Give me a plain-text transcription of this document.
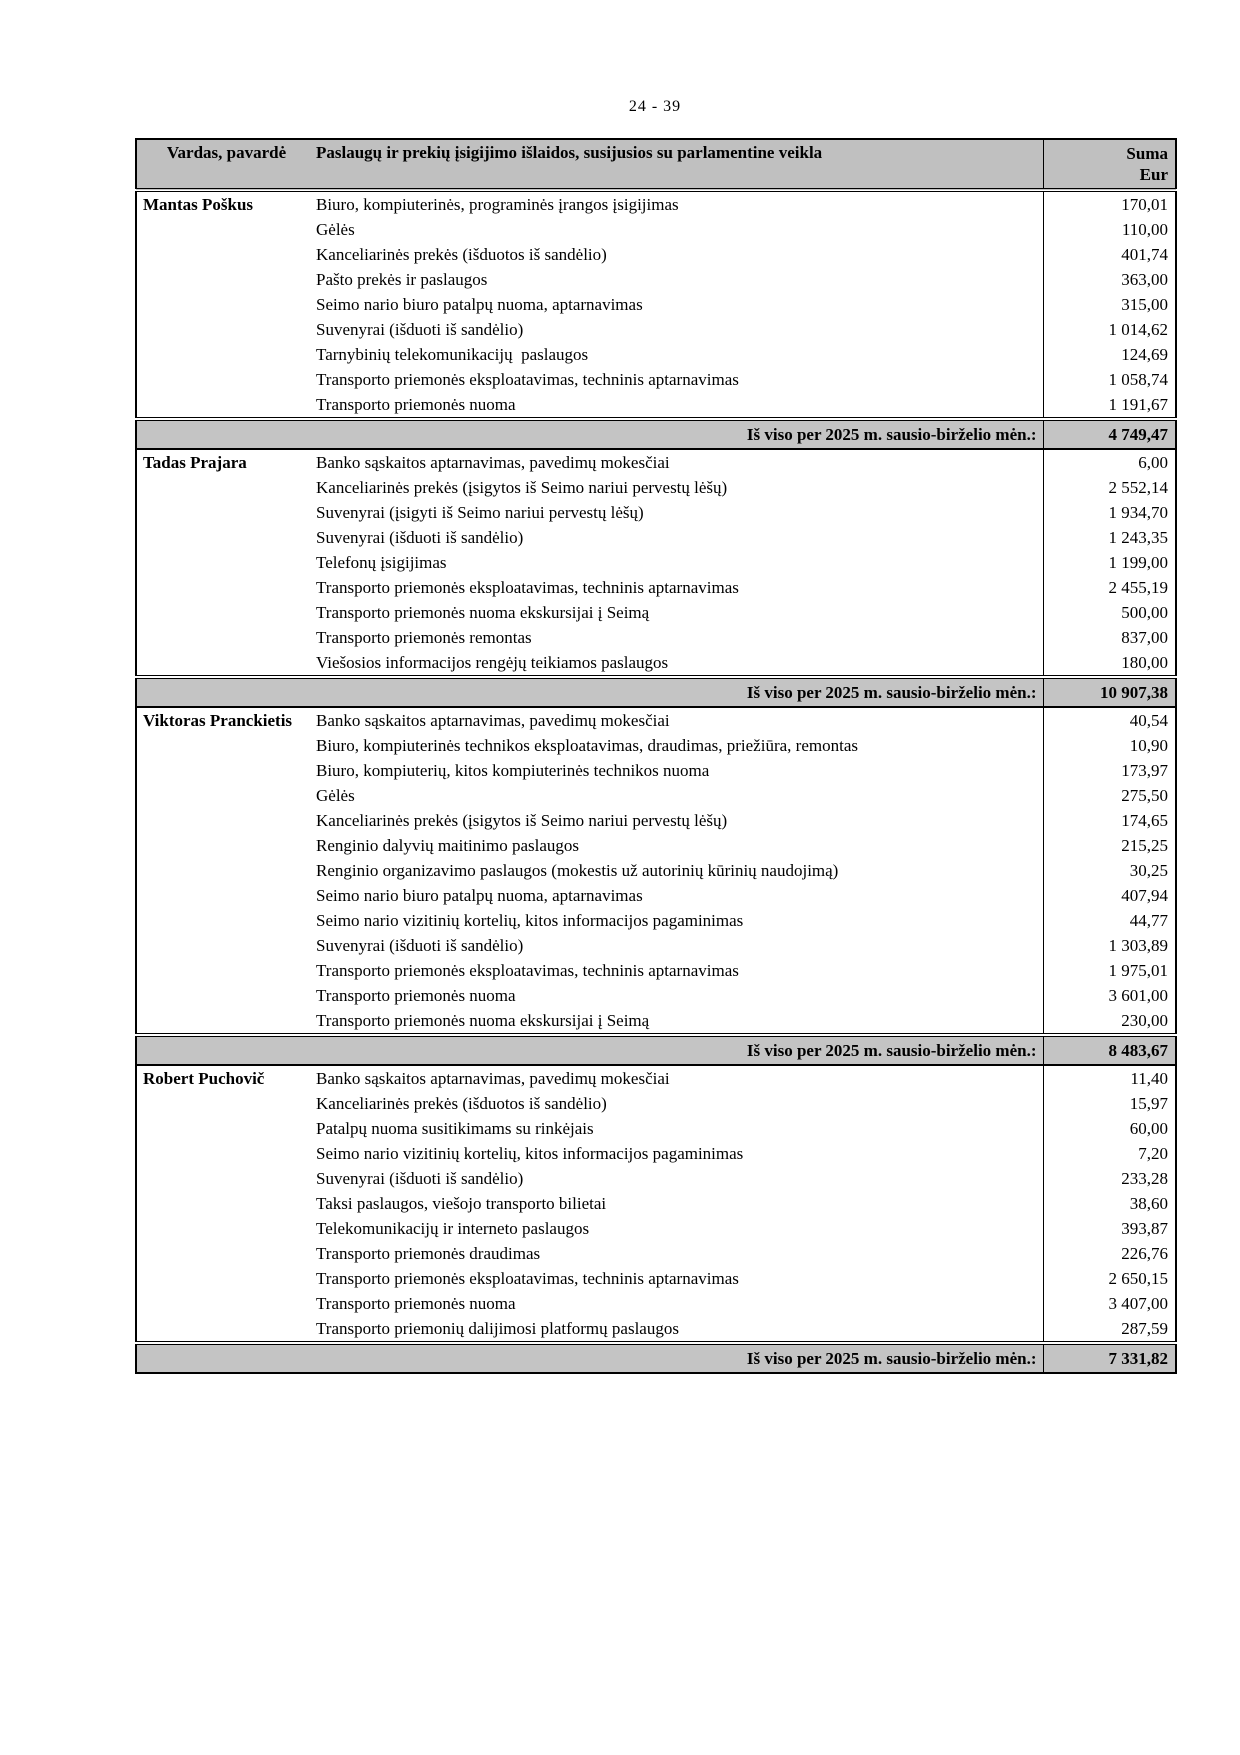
24 - 39
Vardas, pavardė	Paslaugų ir prekių įsigijimo išlaidos, susijusios su parlamentine veikla	Suma
Eur

Mantas Poškus	Biuro, kompiuterinės, programinės įrangos įsigijimas	170,01
	Gėlės	110,00
	Kanceliarinės prekės (išduotos iš sandėlio)	401,74
	Pašto prekės ir paslaugos	363,00
	Seimo nario biuro patalpų nuoma, aptarnavimas	315,00
	Suvenyrai (išduoti iš sandėlio)	1 014,62
	Tarnybinių telekomunikacijų  paslaugos	124,69
	Transporto priemonės eksploatavimas, techninis aptarnavimas	1 058,74
	Transporto priemonės nuoma	1 191,67
Iš viso per 2025 m. sausio-birželio mėn.:		4 749,47
Tadas Prajara	Banko sąskaitos aptarnavimas, pavedimų mokesčiai	6,00
	Kanceliarinės prekės (įsigytos iš Seimo nariui pervestų lėšų)	2 552,14
	Suvenyrai (įsigyti iš Seimo nariui pervestų lėšų)	1 934,70
	Suvenyrai (išduoti iš sandėlio)	1 243,35
	Telefonų įsigijimas	1 199,00
	Transporto priemonės eksploatavimas, techninis aptarnavimas	2 455,19
	Transporto priemonės nuoma ekskursijai į Seimą	500,00
	Transporto priemonės remontas	837,00
	Viešosios informacijos rengėjų teikiamos paslaugos	180,00
Iš viso per 2025 m. sausio-birželio mėn.:		10 907,38
Viktoras Pranckietis	Banko sąskaitos aptarnavimas, pavedimų mokesčiai	40,54
	Biuro, kompiuterinės technikos eksploatavimas, draudimas, priežiūra, remontas	10,90
	Biuro, kompiuterių, kitos kompiuterinės technikos nuoma	173,97
	Gėlės	275,50
	Kanceliarinės prekės (įsigytos iš Seimo nariui pervestų lėšų)	174,65
	Renginio dalyvių maitinimo paslaugos	215,25
	Renginio organizavimo paslaugos (mokestis už autorinių kūrinių naudojimą)	30,25
	Seimo nario biuro patalpų nuoma, aptarnavimas	407,94
	Seimo nario vizitinių kortelių, kitos informacijos pagaminimas	44,77
	Suvenyrai (išduoti iš sandėlio)	1 303,89
	Transporto priemonės eksploatavimas, techninis aptarnavimas	1 975,01
	Transporto priemonės nuoma	3 601,00
	Transporto priemonės nuoma ekskursijai į Seimą	230,00
Iš viso per 2025 m. sausio-birželio mėn.:		8 483,67
Robert Puchovič	Banko sąskaitos aptarnavimas, pavedimų mokesčiai	11,40
	Kanceliarinės prekės (išduotos iš sandėlio)	15,97
	Patalpų nuoma susitikimams su rinkėjais	60,00
	Seimo nario vizitinių kortelių, kitos informacijos pagaminimas	7,20
	Suvenyrai (išduoti iš sandėlio)	233,28
	Taksi paslaugos, viešojo transporto bilietai	38,60
	Telekomunikacijų ir interneto paslaugos	393,87
	Transporto priemonės draudimas	226,76
	Transporto priemonės eksploatavimas, techninis aptarnavimas	2 650,15
	Transporto priemonės nuoma	3 407,00
	Transporto priemonių dalijimosi platformų paslaugos	287,59
Iš viso per 2025 m. sausio-birželio mėn.:		7 331,82
